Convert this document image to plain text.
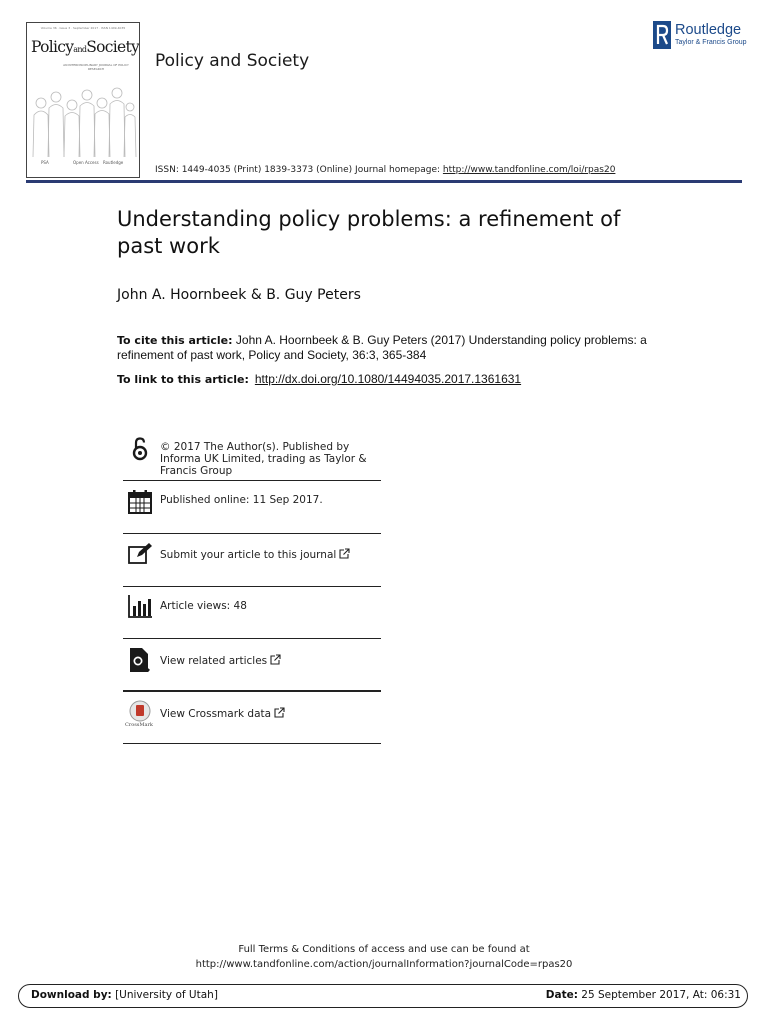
Volume 36 · Issue 3 · September 2017 · ISSN 1449-4035
PolicyandSociety
AN INTERDISCIPLINARY JOURNAL OF POLICY RESEARCH
PSA	Open Access Routledge
Policy and Society
Routledge
Taylor & Francis Group
ISSN: 1449-4035 (Print) 1839-3373 (Online) Journal homepage: http://www.tandfonline.com/loi/rpas20
Understanding policy problems: a refinement of past work
John A. Hoornbeek & B. Guy Peters
To cite this article: John A. Hoornbeek & B. Guy Peters (2017) Understanding policy problems: a refinement of past work, Policy and Society, 36:3, 365-384
To link to this article: http://dx.doi.org/10.1080/14494035.2017.1361631
© 2017 The Author(s). Published by Informa UK Limited, trading as Taylor & Francis Group
Published online: 11 Sep 2017.
Submit your article to this journal
Article views: 48
View related articles
CrossMark
View Crossmark data
Full Terms & Conditions of access and use can be found at
http://www.tandfonline.com/action/journalInformation?journalCode=rpas20
Download by: [University of Utah]	Date: 25 September 2017, At: 06:31
